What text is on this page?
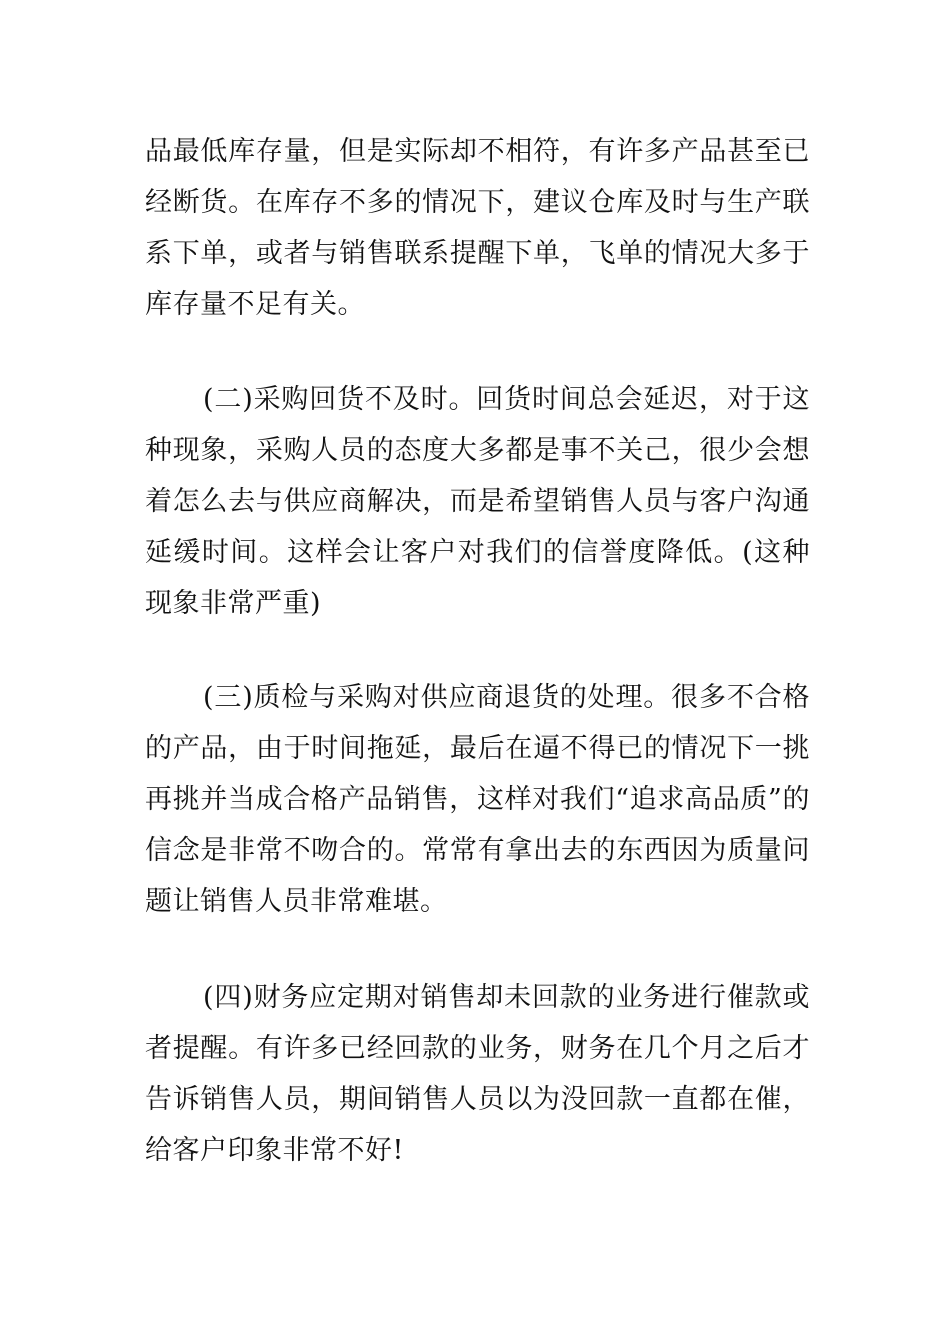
品最低库存量，但是实际却不相符，有许多产品甚至已经断货。在库存不多的情况下，建议仓库及时与生产联系下单，或者与销售联系提醒下单，飞单的情况大多于库存量不足有关。

(二)采购回货不及时。回货时间总会延迟，对于这种现象，采购人员的态度大多都是事不关己，很少会想着怎么去与供应商解决，而是希望销售人员与客户沟通延缓时间。这样会让客户对我们的信誉度降低。(这种现象非常严重)

(三)质检与采购对供应商退货的处理。很多不合格的产品，由于时间拖延，最后在逼不得已的情况下一挑再挑并当成合格产品销售，这样对我们“追求高品质”的信念是非常不吻合的。常常有拿出去的东西因为质量问题让销售人员非常难堪。

(四)财务应定期对销售却未回款的业务进行催款或者提醒。有许多已经回款的业务，财务在几个月之后才告诉销售人员，期间销售人员以为没回款一直都在催，给客户印象非常不好!
